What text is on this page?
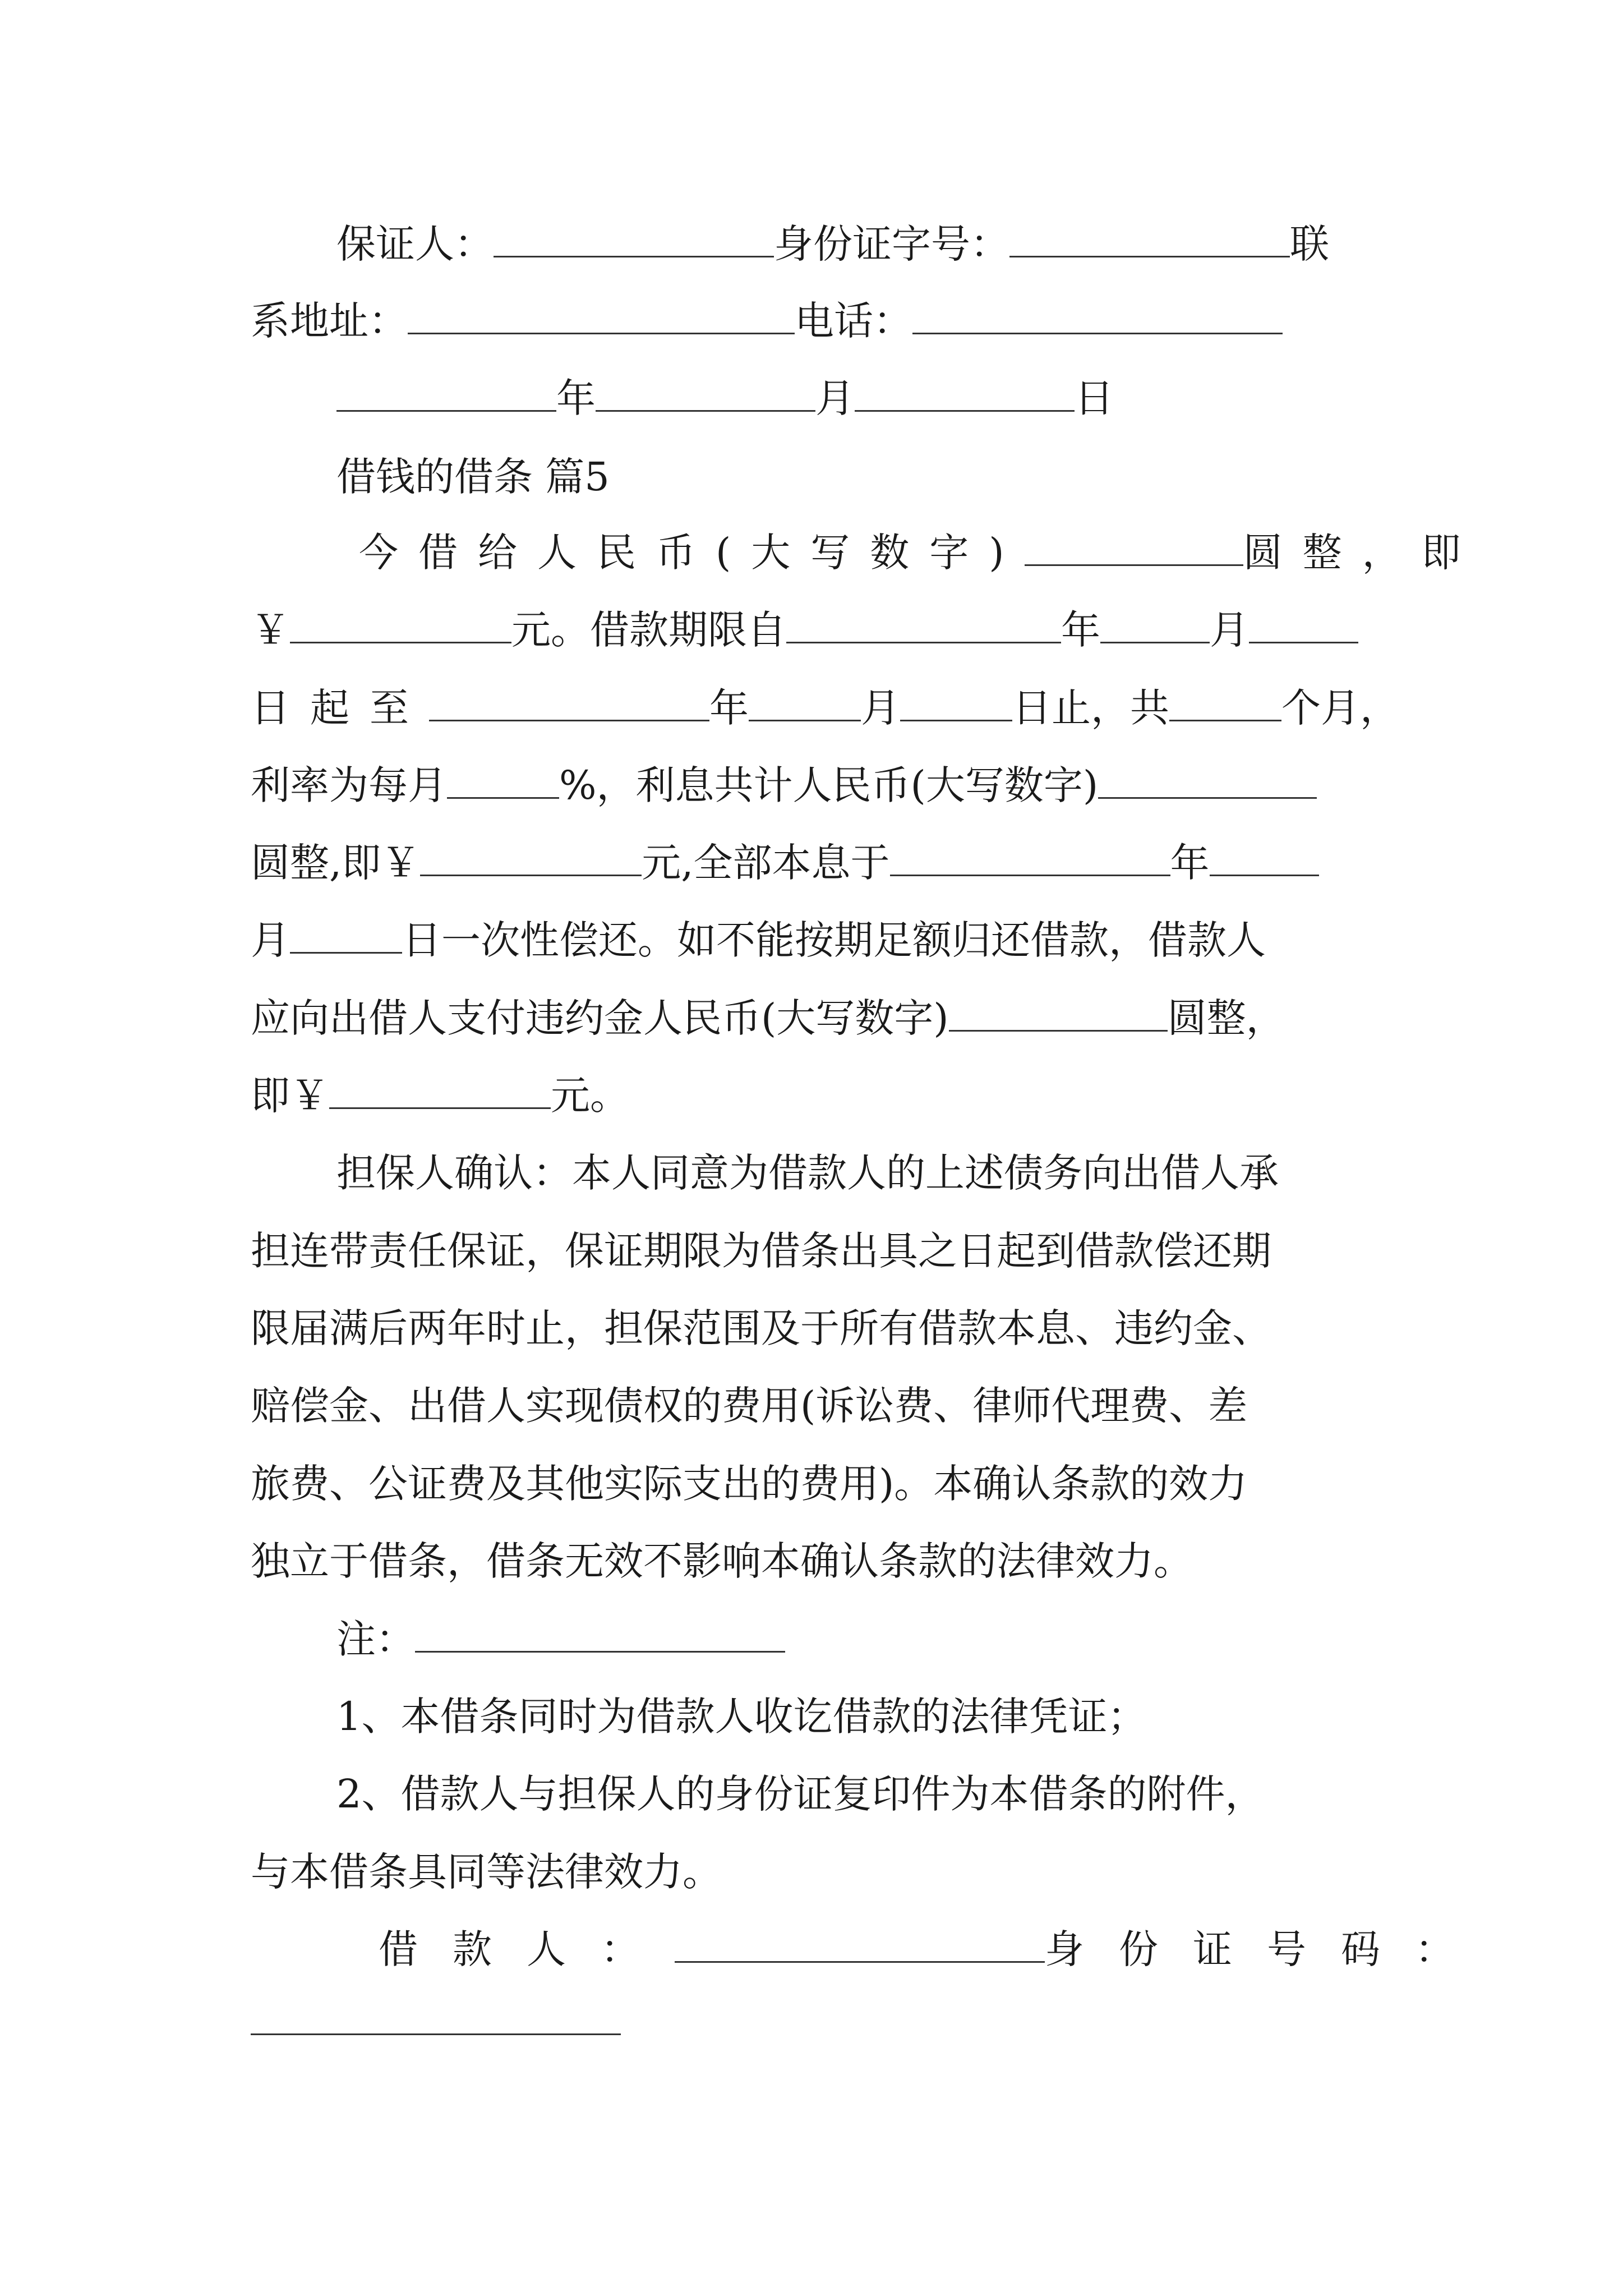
保证人：	身份证字号：	联
系地址：	电话：
年	月	日
借钱的借条 篇5
今借给人民币(大写数字)	圆整，即
￥	元。借款期限自	年	月
日起至	年	月	日止，共	个月，
利率为每月	%，利息共计人民币(大写数字)
圆整,即￥	元,全部本息于	年
月	日一次性偿还。如不能按期足额归还借款，借款人
应向出借人支付违约金人民币(大写数字)	圆整，
即￥	元。
担保人确认：本人同意为借款人的上述债务向出借人承
担连带责任保证，保证期限为借条出具之日起到借款偿还期
限届满后两年时止，担保范围及于所有借款本息、违约金、
赔偿金、出借人实现债权的费用(诉讼费、律师代理费、差
旅费、公证费及其他实际支出的费用)。本确认条款的效力
独立于借条，借条无效不影响本确认条款的法律效力。
注：
1、本借条同时为借款人收讫借款的法律凭证；
2、借款人与担保人的身份证复印件为本借条的附件，
与本借条具同等法律效力。
借款人：	身份证号码：
